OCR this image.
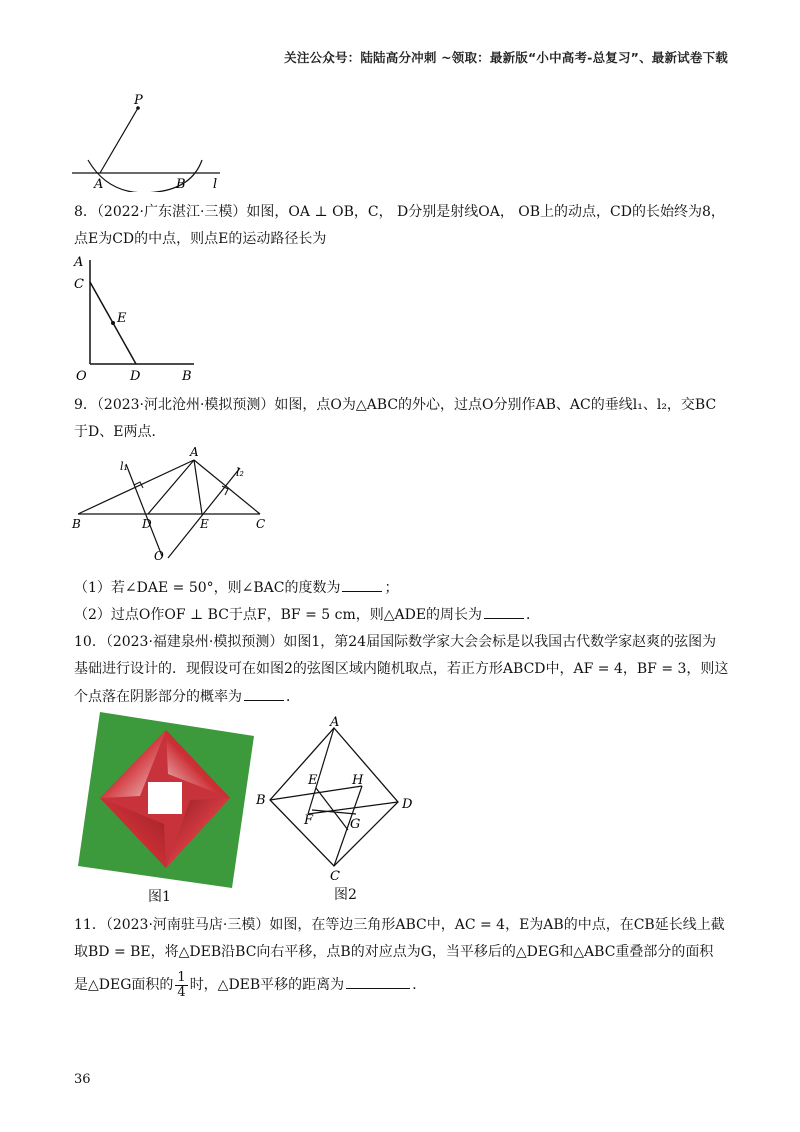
关注公众号：陆陆高分冲刺 ~领取：最新版“小中高考-总复习”、最新试卷下载
P
A	B l
8．（2022·广东湛江·三模）如图，OA ⊥ OB，C， D分别是射线OA， OB上的动点，CD的长始终为8，
点E为CD的中点，则点E的运动路径长为
A
C
E
O	D	B
9．（2023·河北沧州·模拟预测）如图，点O为△ABC的外心，过点O分别作AB、AC的垂线l₁、l₂，交BC
于D、E两点．
A
l₁	l₂
B	D	E	C
O
（1）若∠DAE = 50°，则∠BAC的度数为	；
（2）过点O作OF ⊥ BC于点F，BF = 5 cm，则△ADE的周长为	．
10．（2023·福建泉州·模拟预测）如图1，第24届国际数学家大会会标是以我国古代数学家赵爽的弦图为
基础进行设计的．现假设可在如图2的弦图区域内随机取点，若正方形ABCD中，AF = 4，BF = 3，则这
个点落在阴影部分的概率为	．
图1
A
E	H
B	D
F	G
C
图2
11．（2023·河南驻马店·三模）如图，在等边三角形ABC中，AC = 4，E为AB的中点，在CB延长线上截
取BD = BE，将△DEB沿BC向右平移，点B的对应点为G，当平移后的△DEG和△ABC重叠部分的面积
是△DEG面积的 $\frac{1}{4}$ 时，△DEB平移的距离为	．
36
